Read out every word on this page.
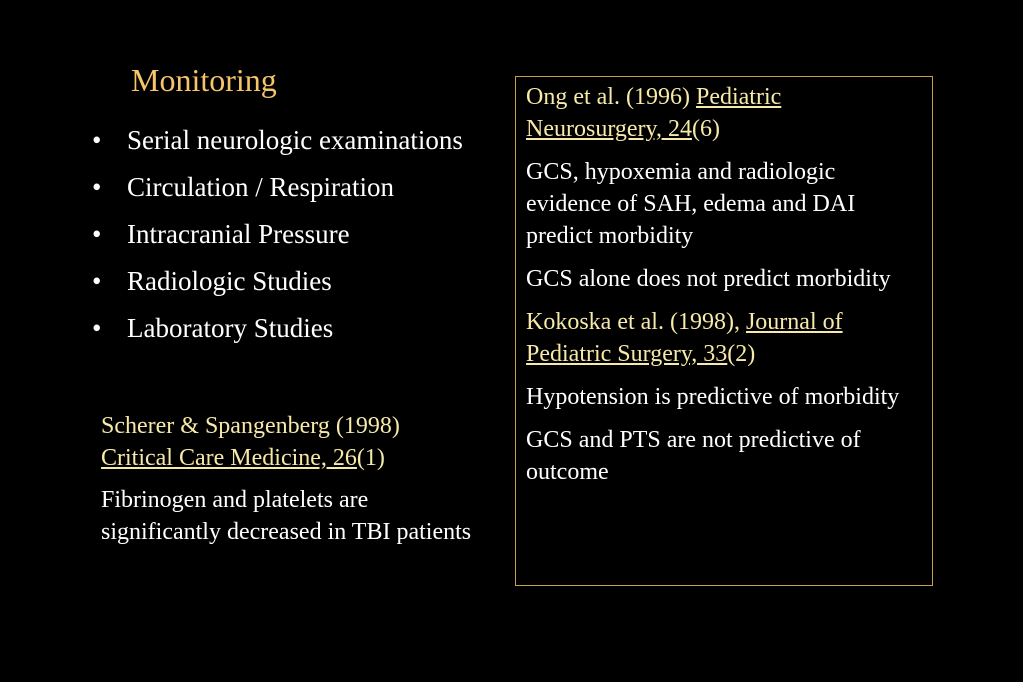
Monitoring
• Serial neurologic examinations
• Circulation / Respiration
• Intracranial Pressure
• Radiologic Studies
• Laboratory Studies

Scherer & Spangenberg (1998)
Critical Care Medicine, 26(1)

Fibrinogen and platelets are significantly decreased in TBI patients

Ong et al. (1996) Pediatric Neurosurgery, 24(6)

GCS, hypoxemia and radiologic evidence of SAH, edema and DAI predict morbidity

GCS alone does not predict morbidity

Kokoska et al. (1998), Journal of Pediatric Surgery, 33(2)

Hypotension is predictive of morbidity

GCS and PTS are not predictive of outcome
